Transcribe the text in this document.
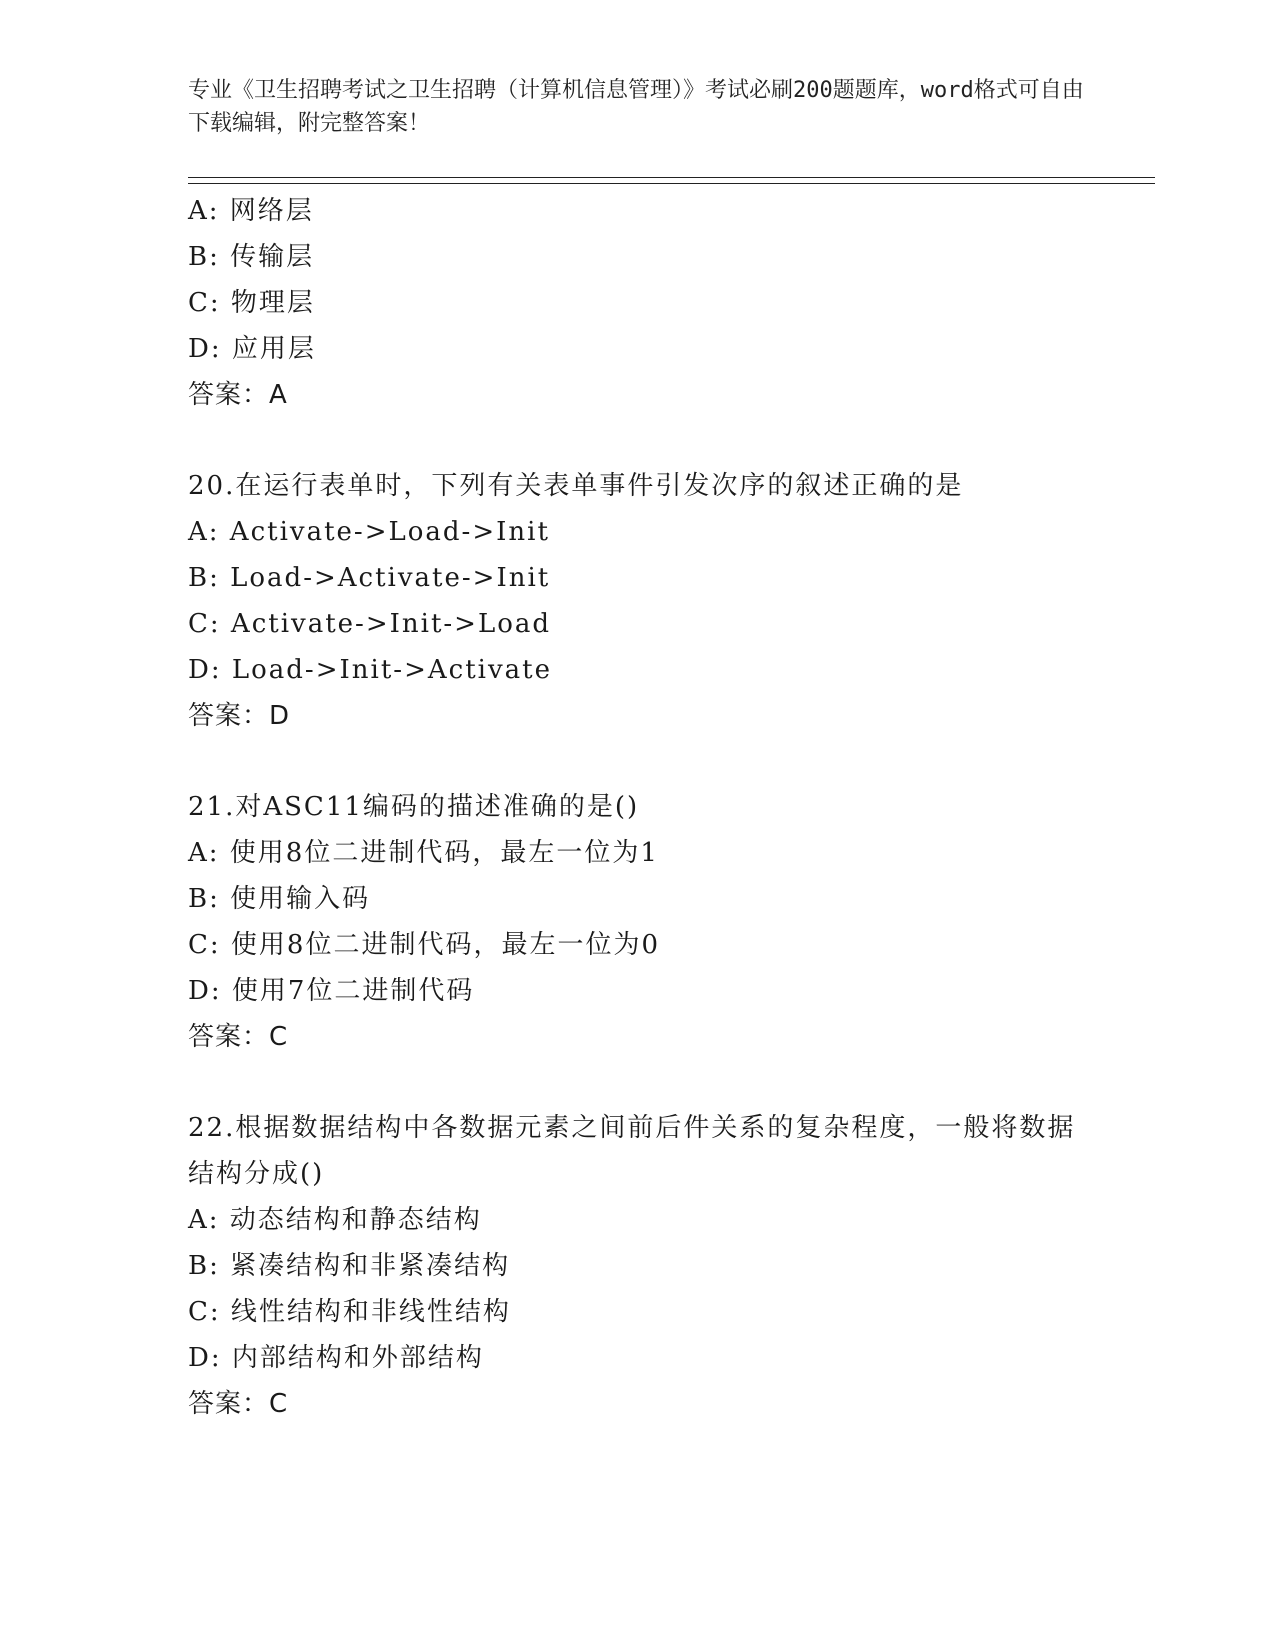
专业《卫生招聘考试之卫生招聘（计算机信息管理）》考试必刷200题题库，word格式可自由下载编辑，附完整答案！
A: 网络层
B: 传输层
C: 物理层
D: 应用层
答案：A
20.在运行表单时，下列有关表单事件引发次序的叙述正确的是
A: Activate->Load->Init
B: Load->Activate->Init
C: Activate->Init->Load
D: Load->Init->Activate
答案：D
21.对ASC11编码的描述准确的是()
A: 使用8位二进制代码，最左一位为1
B: 使用输入码
C: 使用8位二进制代码，最左一位为0
D: 使用7位二进制代码
答案：C
22.根据数据结构中各数据元素之间前后件关系的复杂程度，一般将数据结构分成()
A: 动态结构和静态结构
B: 紧凑结构和非紧凑结构
C: 线性结构和非线性结构
D: 内部结构和外部结构
答案：C
